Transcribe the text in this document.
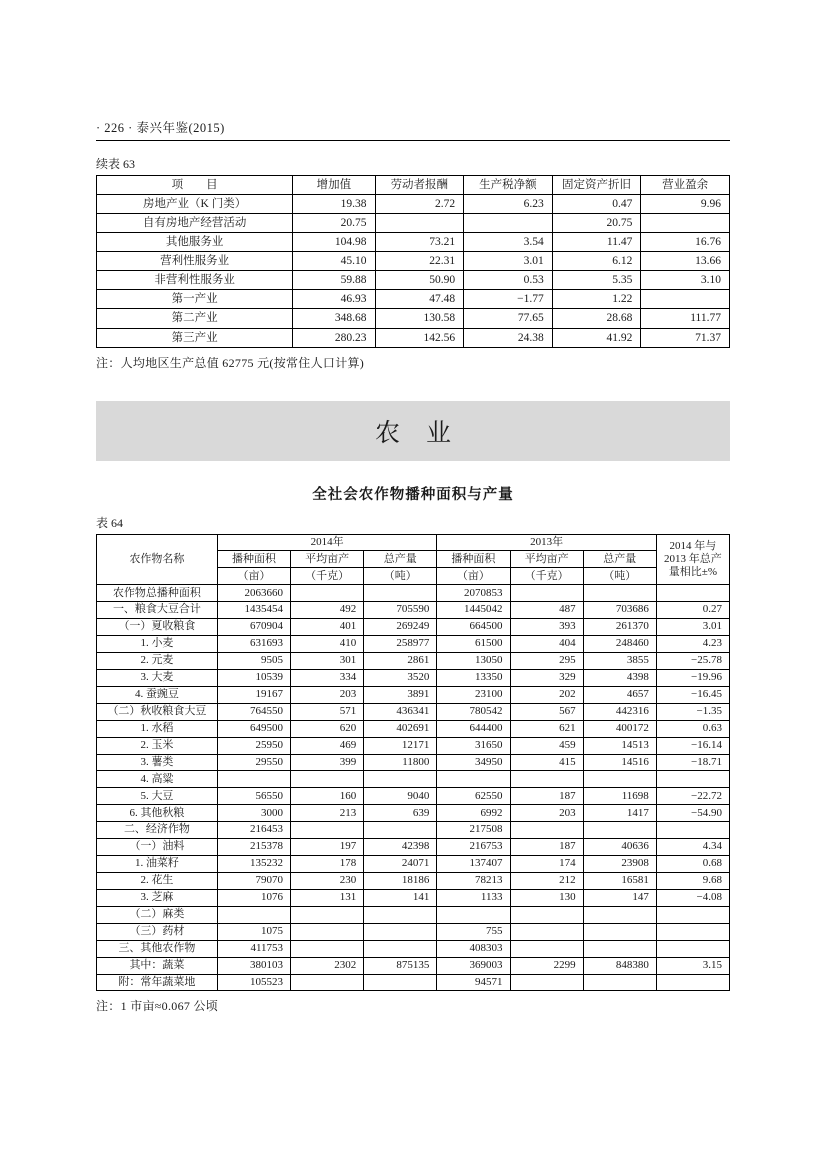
· 226 · 泰兴年鉴(2015)
续表 63
项　　目	增加值	劳动者报酬	生产税净额	固定资产折旧	营业盈余
房地产业（K 门类）	19.38	2.72	6.23	0.47	9.96
自有房地产经营活动	20.75			20.75	
其他服务业	104.98	73.21	3.54	11.47	16.76
营利性服务业	45.10	22.31	3.01	6.12	13.66
非营利性服务业	59.88	50.90	0.53	5.35	3.10
第一产业	46.93	47.48	−1.77	1.22	
第二产业	348.68	130.58	77.65	28.68	111.77
第三产业	280.23	142.56	24.38	41.92	71.37
注：人均地区生产总值 62775 元(按常住人口计算)
农业
全社会农作物播种面积与产量
表 64
农作物名称	2014年			2013年			2014 年与
2013 年总产
量相比±%

	播种面积	平均亩产	总产量	播种面积	平均亩产	总产量	
	（亩）	（千克）	（吨）	（亩）	（千克）	（吨）	
农作物总播种面积	2063660			2070853			
一、粮食大豆合计	1435454	492	705590	1445042	487	703686	0.27
（一）夏收粮食	670904	401	269249	664500	393	261370	3.01
1. 小麦	631693	410	258977	61500	404	248460	4.23
2. 元麦	9505	301	2861	13050	295	3855	−25.78
3. 大麦	10539	334	3520	13350	329	4398	−19.96
4. 蚕豌豆	19167	203	3891	23100	202	4657	−16.45
（二）秋收粮食大豆	764550	571	436341	780542	567	442316	−1.35
1. 水稻	649500	620	402691	644400	621	400172	0.63
2. 玉米	25950	469	12171	31650	459	14513	−16.14
3. 薯类	29550	399	11800	34950	415	14516	−18.71
4. 高粱							
5. 大豆	56550	160	9040	62550	187	11698	−22.72
6. 其他秋粮	3000	213	639	6992	203	1417	−54.90
二、经济作物	216453			217508			
（一）油料	215378	197	42398	216753	187	40636	4.34
1. 油菜籽	135232	178	24071	137407	174	23908	0.68
2. 花生	79070	230	18186	78213	212	16581	9.68
3. 芝麻	1076	131	141	1133	130	147	−4.08
（二）麻类							
（三）药材	1075			755			
三、其他农作物	411753			408303			
其中：蔬菜	380103	2302	875135	369003	2299	848380	3.15
附：常年蔬菜地	105523			94571			
注：1 市亩≈0.067 公顷
